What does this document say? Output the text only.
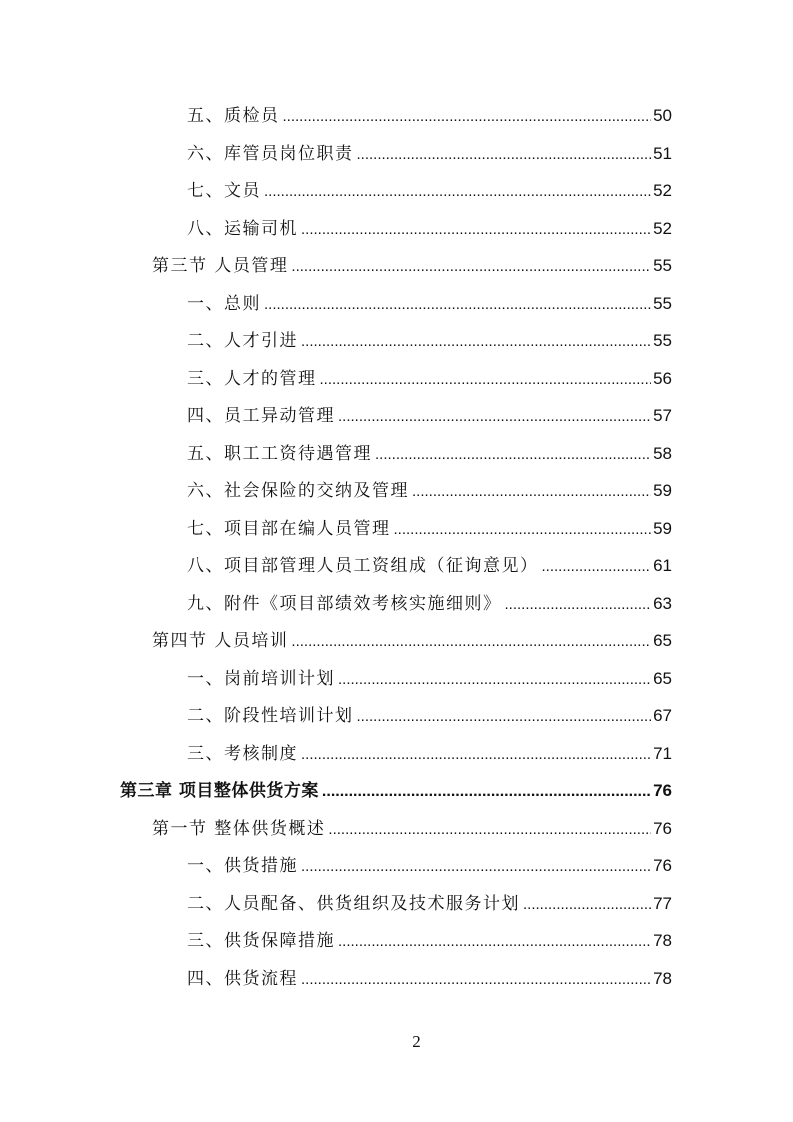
五、质检员 .....	50
六、库管员岗位职责 .....	51
七、文员 .....	52
八、运输司机 .....	52
第三节 人员管理 .....	55
一、总则 .....	55
二、人才引进 .....	55
三、人才的管理 .....	56
四、员工异动管理 .....	57
五、职工工资待遇管理 .....	58
六、社会保险的交纳及管理 .....	59
七、项目部在编人员管理 .....	59
八、项目部管理人员工资组成（征询意见） .....	61
九、附件《项目部绩效考核实施细则》 .....	63
第四节 人员培训 .....	65
一、岗前培训计划 .....	65
二、阶段性培训计划 .....	67
三、考核制度 .....	71
第三章 项目整体供货方案 .....	76
第一节 整体供货概述 .....	76
一、供货措施 .....	76
二、人员配备、供货组织及技术服务计划 .....	77
三、供货保障措施 .....	78
四、供货流程 .....	78
2
